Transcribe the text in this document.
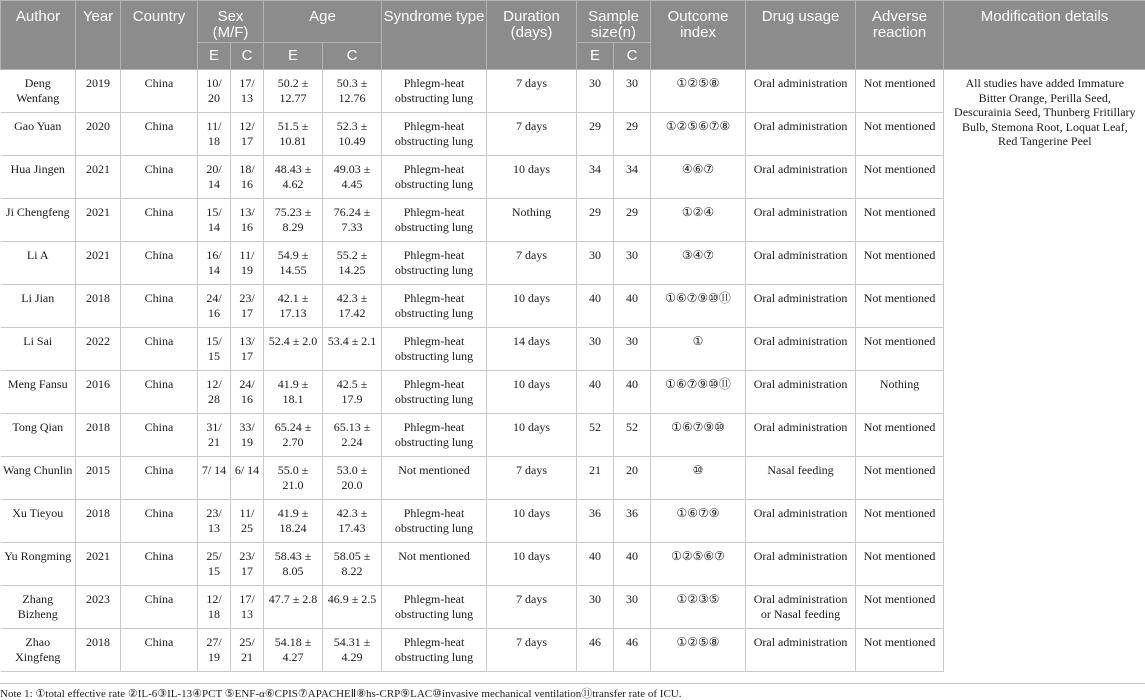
Author	Year	Country	Sex (M/F)		Age		Syndrome type	Duration (days)	Sample size(n)		Outcome index	Drug usage	Adverse reaction	Modification details
			E	C	E	C			E	C				
Deng Wenfang	2019	China	10/ 20	17/ 13	50.2 ± 12.77	50.3 ± 12.76	Phlegm-heat obstructing lung	7 days	30	30	①②⑤⑧	Oral administration	Not mentioned	All studies have added Immature Bitter Orange, Perilla Seed, Descurainia Seed, Thunberg Fritillary Bulb, Stemona Root, Loquat Leaf, Red Tangerine Peel
Gao Yuan	2020	China	11/ 18	12/ 17	51.5 ± 10.81	52.3 ± 10.49	Phlegm-heat obstructing lung	7 days	29	29	①②⑤⑥⑦⑧	Oral administration	Not mentioned	
Hua Jingen	2021	China	20/ 14	18/ 16	48.43 ± 4.62	49.03 ± 4.45	Phlegm-heat obstructing lung	10 days	34	34	④⑥⑦	Oral administration	Not mentioned	
Ji Chengfeng	2021	China	15/ 14	13/ 16	75.23 ± 8.29	76.24 ± 7.33	Phlegm-heat obstructing lung	Nothing	29	29	①②④	Oral administration	Not mentioned	
Li A	2021	China	16/ 14	11/ 19	54.9 ± 14.55	55.2 ± 14.25	Phlegm-heat obstructing lung	7 days	30	30	③④⑦	Oral administration	Not mentioned	
Li Jian	2018	China	24/ 16	23/ 17	42.1 ± 17.13	42.3 ± 17.42	Phlegm-heat obstructing lung	10 days	40	40	①⑥⑦⑨⑩⑪	Oral administration	Not mentioned	
Li Sai	2022	China	15/ 15	13/ 17	52.4 ± 2.0	53.4 ± 2.1	Phlegm-heat obstructing lung	14 days	30	30	①	Oral administration	Not mentioned	
Meng Fansu	2016	China	12/ 28	24/ 16	41.9 ± 18.1	42.5 ± 17.9	Phlegm-heat obstructing lung	10 days	40	40	①⑥⑦⑨⑩⑪	Oral administration	Nothing	
Tong Qian	2018	China	31/ 21	33/ 19	65.24 ± 2.70	65.13 ± 2.24	Phlegm-heat obstructing lung	10 days	52	52	①⑥⑦⑨⑩	Oral administration	Not mentioned	
Wang Chunlin	2015	China	7/ 14	6/ 14	55.0 ± 21.0	53.0 ± 20.0	Not mentioned	7 days	21	20	⑩	Nasal feeding	Not mentioned	
Xu Tieyou	2018	China	23/ 13	11/ 25	41.9 ± 18.24	42.3 ± 17.43	Phlegm-heat obstructing lung	10 days	36	36	①⑥⑦⑨	Oral administration	Not mentioned	
Yu Rongming	2021	China	25/ 15	23/ 17	58.43 ± 8.05	58.05 ± 8.22	Not mentioned	10 days	40	40	①②⑤⑥⑦	Oral administration	Not mentioned	
Zhang Bizheng	2023	China	12/ 18	17/ 13	47.7 ± 2.8	46.9 ± 2.5	Phlegm-heat obstructing lung	7 days	30	30	①②③⑤	Oral administration or Nasal feeding	Not mentioned	
Zhao Xingfeng	2018	China	27/ 19	25/ 21	54.18 ± 4.27	54.31 ± 4.29	Phlegm-heat obstructing lung	7 days	46	46	①②⑤⑧	Oral administration	Not mentioned	
Note 1: ①total effective rate ②IL-6③IL-13④PCT ⑤ENF-α⑥CPIS⑦APACHEⅡ⑧hs-CRP⑨LAC⑩invasive mechanical ventilation⑪transfer rate of ICU.
